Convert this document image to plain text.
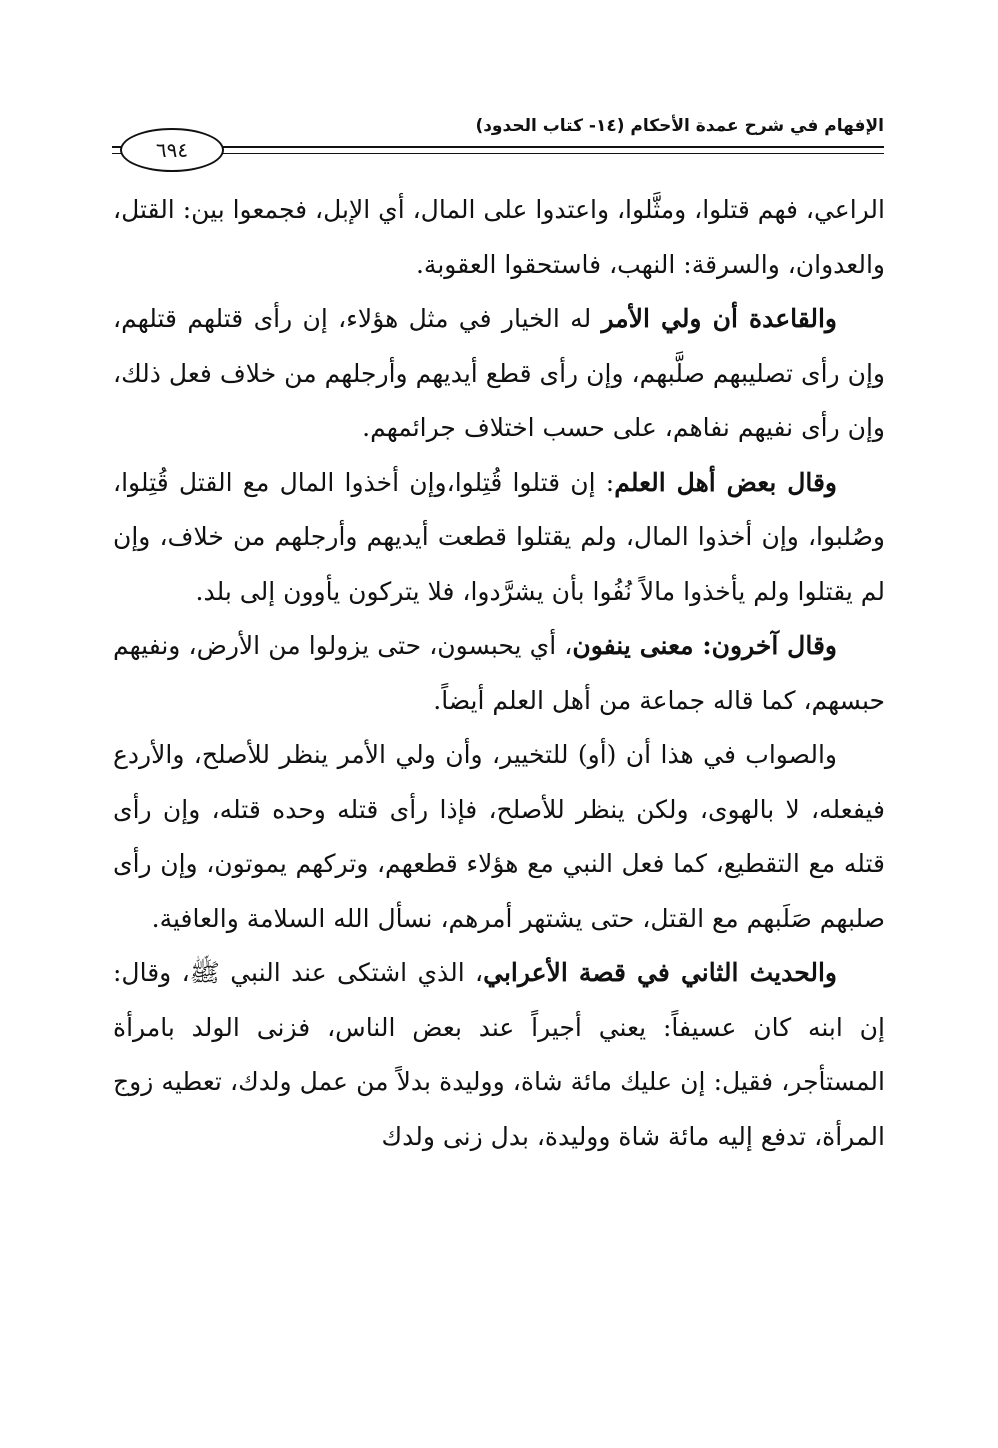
الإفهام في شرح عمدة الأحكام (١٤- كتاب الحدود)
٦٩٤

الراعي، فهم قتلوا، ومثَّلوا، واعتدوا على المال، أي الإبل، فجمعوا بين: القتل، والعدوان، والسرقة: النهب، فاستحقوا العقوبة.

والقاعدة أن ولي الأمر له الخيار في مثل هؤلاء، إن رأى قتلهم قتلهم، وإن رأى تصليبهم صلَّبهم، وإن رأى قطع أيديهم وأرجلهم من خلاف فعل ذلك، وإن رأى نفيهم نفاهم، على حسب اختلاف جرائمهم.

وقال بعض أهل العلم: إن قتلوا قُتِلوا،وإن أخذوا المال مع القتل قُتِلوا، وصُلبوا، وإن أخذوا المال، ولم يقتلوا قطعت أيديهم وأرجلهم من خلاف، وإن لم يقتلوا ولم يأخذوا مالاً نُفُوا بأن يشرَّدوا، فلا يتركون يأوون إلى بلد.

وقال آخرون: معنى ينفون، أي يحبسون، حتى يزولوا من الأرض، ونفيهم حبسهم، كما قاله جماعة من أهل العلم أيضاً.

والصواب في هذا أن (أو) للتخيير، وأن ولي الأمر ينظر للأصلح، والأردع فيفعله، لا بالهوى، ولكن ينظر للأصلح، فإذا رأى قتله وحده قتله، وإن رأى قتله مع التقطيع، كما فعل النبي مع هؤلاء قطعهم، وتركهم يموتون، وإن رأى صلبهم صَلَبهم مع القتل، حتى يشتهر أمرهم، نسأل الله السلامة والعافية.

والحديث الثاني في قصة الأعرابي، الذي اشتكى عند النبي ﷺ، وقال: إن ابنه كان عسيفاً: يعني أجيراً عند بعض الناس، فزنى الولد بامرأة المستأجر، فقيل: إن عليك مائة شاة، ووليدة بدلاً من عمل ولدك، تعطيه زوج المرأة، تدفع إليه مائة شاة ووليدة، بدل زنى ولدك
